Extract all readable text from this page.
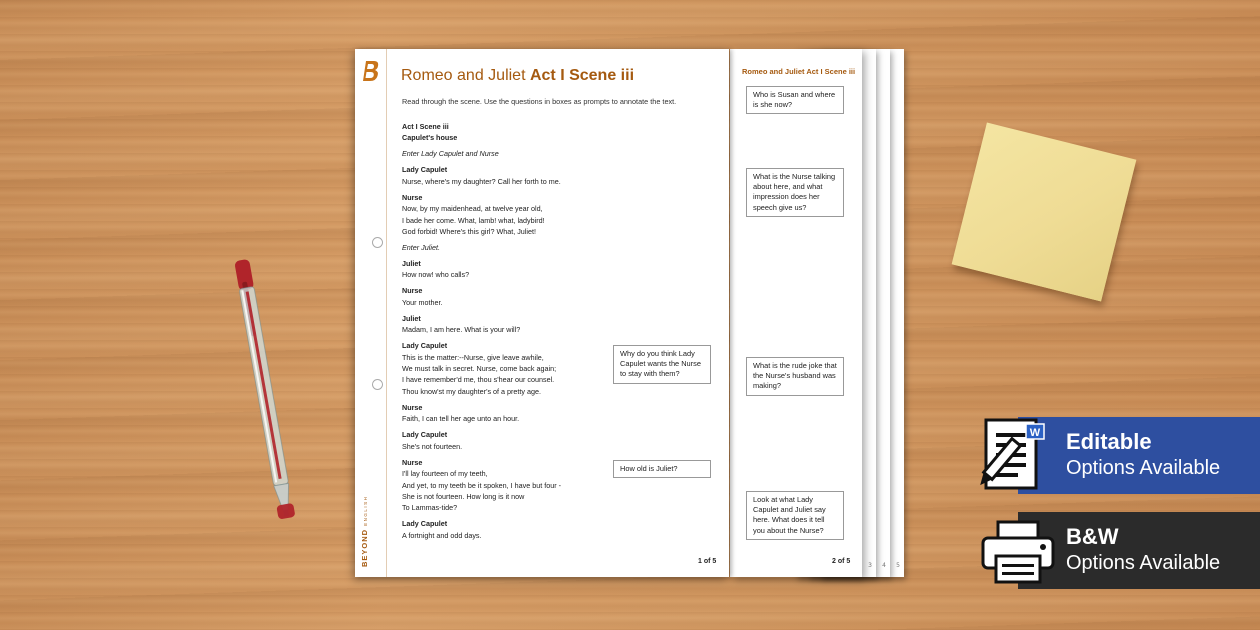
5
4
3
Romeo and Juliet Act I Scene iii
Who is Susan and where is she now?
What is the Nurse talking about here, and what impression does her speech give us?
What is the rude joke that the Nurse's husband was making?
Look at what Lady Capulet and Juliet say here. What does it tell you about the Nurse?
2 of 5
BEYONDENGLISH
Romeo and Juliet Act I Scene iii
Read through the scene. Use the questions in boxes as prompts to annotate the text.
Act I Scene iii
Capulet's house
Enter Lady Capulet and Nurse
Lady Capulet
Nurse, where's my daughter? Call her forth to me.
Nurse
Now, by my maidenhead, at twelve year old,
I bade her come. What, lamb! what, ladybird!
God forbid! Where's this girl? What, Juliet!
Enter Juliet.
Juliet
How now! who calls?
Nurse
Your mother.
Juliet
Madam, I am here. What is your will?
Lady Capulet
This is the matter:--Nurse, give leave awhile,
We must talk in secret. Nurse, come back again;
I have remember'd me, thou s'hear our counsel.
Thou know'st my daughter's of a pretty age.
Nurse
Faith, I can tell her age unto an hour.
Lady Capulet
She's not fourteen.
Nurse
I'll lay fourteen of my teeth,
And yet, to my teeth be it spoken, I have but four -
She is not fourteen. How long is it now
To Lammas-tide?
Lady Capulet
A fortnight and odd days.
Why do you think Lady Capulet wants the Nurse to stay with them?
How old is Juliet?
1 of 5
W Editable
Options Available
B&W
Options Available
